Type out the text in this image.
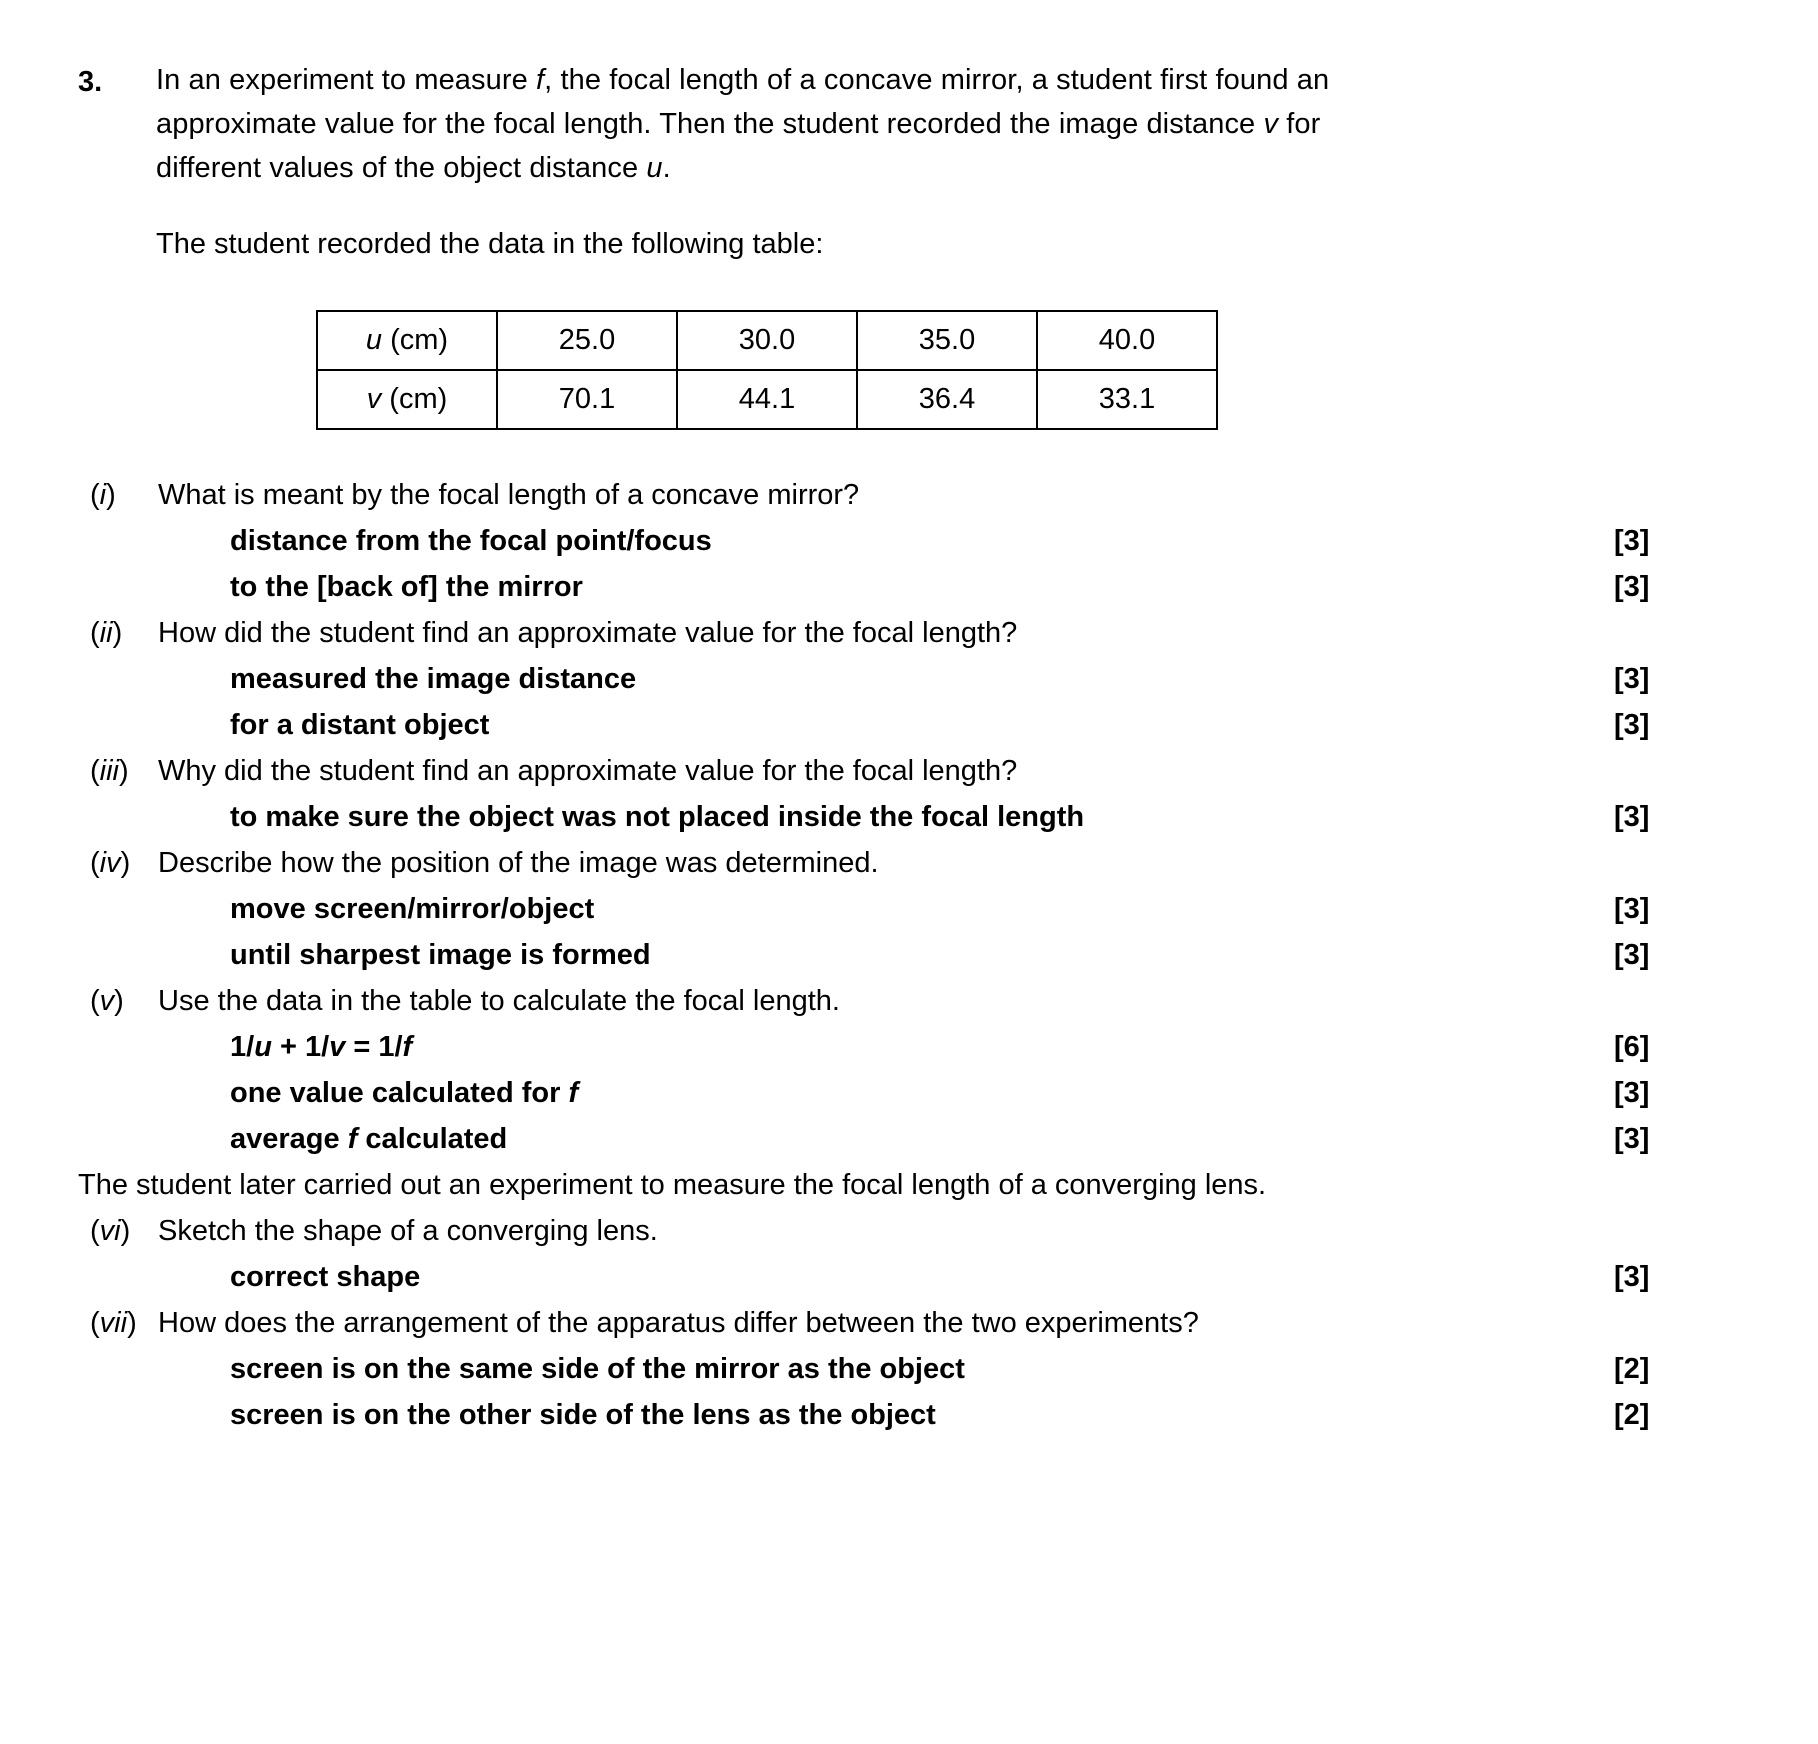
3.	In an experiment to measure f, the focal length of a concave mirror, a student first found an approximate value for the focal length. Then the student recorded the image distance v for different values of the object distance u.
The student recorded the data in the following table:
u (cm)	25.0	30.0	35.0	40.0
v (cm)	70.1	44.1	36.4	33.1
(i)	What is meant by the focal length of a concave mirror?
distance from the focal point/focus	[3]
to the [back of] the mirror	[3]
(ii)	How did the student find an approximate value for the focal length?
measured the image distance	[3]
for a distant object	[3]
(iii)	Why did the student find an approximate value for the focal length?
to make sure the object was not placed inside the focal length	[3]
(iv) Describe how the position of the image was determined.
move screen/mirror/object	[3]
until sharpest image is formed	[3]
(v)	Use the data in the table to calculate the focal length.
1/u + 1/v = 1/f	[6]
one value calculated for f	[3]
average f calculated	[3]
The student later carried out an experiment to measure the focal length of a converging lens.
(vi) Sketch the shape of a converging lens.
correct shape	[3]
(vii) How does the arrangement of the apparatus differ between the two experiments?
screen is on the same side of the mirror as the object	[2]
screen is on the other side of the lens as the object	[2]
